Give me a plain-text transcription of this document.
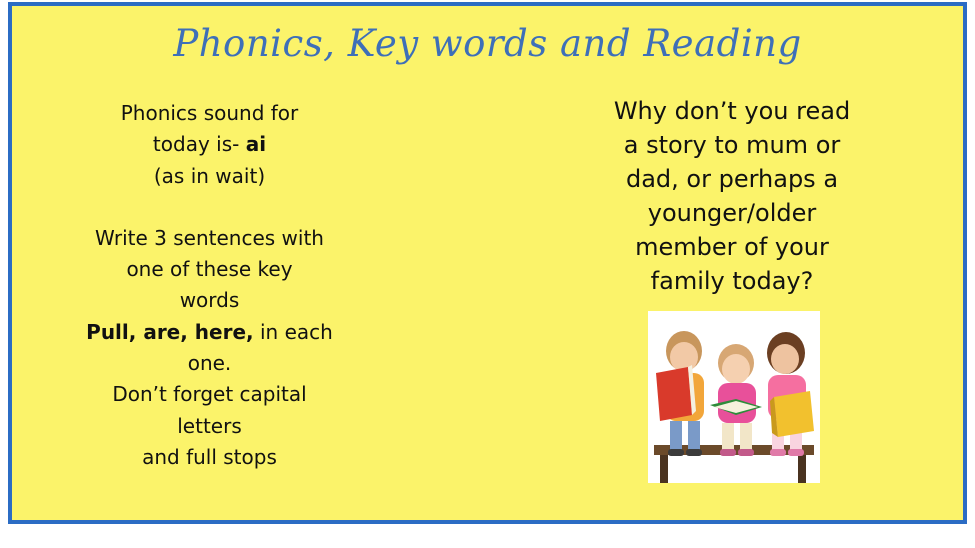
Phonics, Key words and Reading
Phonics sound for
today is- ai
(as in wait)
Write 3 sentences with
one of these key
words
Pull, are, here, in each
one.
Don’t forget capital
letters
and full stops
Why don’t you read
a story to mum or
dad, or perhaps a
younger/older
member of your
family today?
